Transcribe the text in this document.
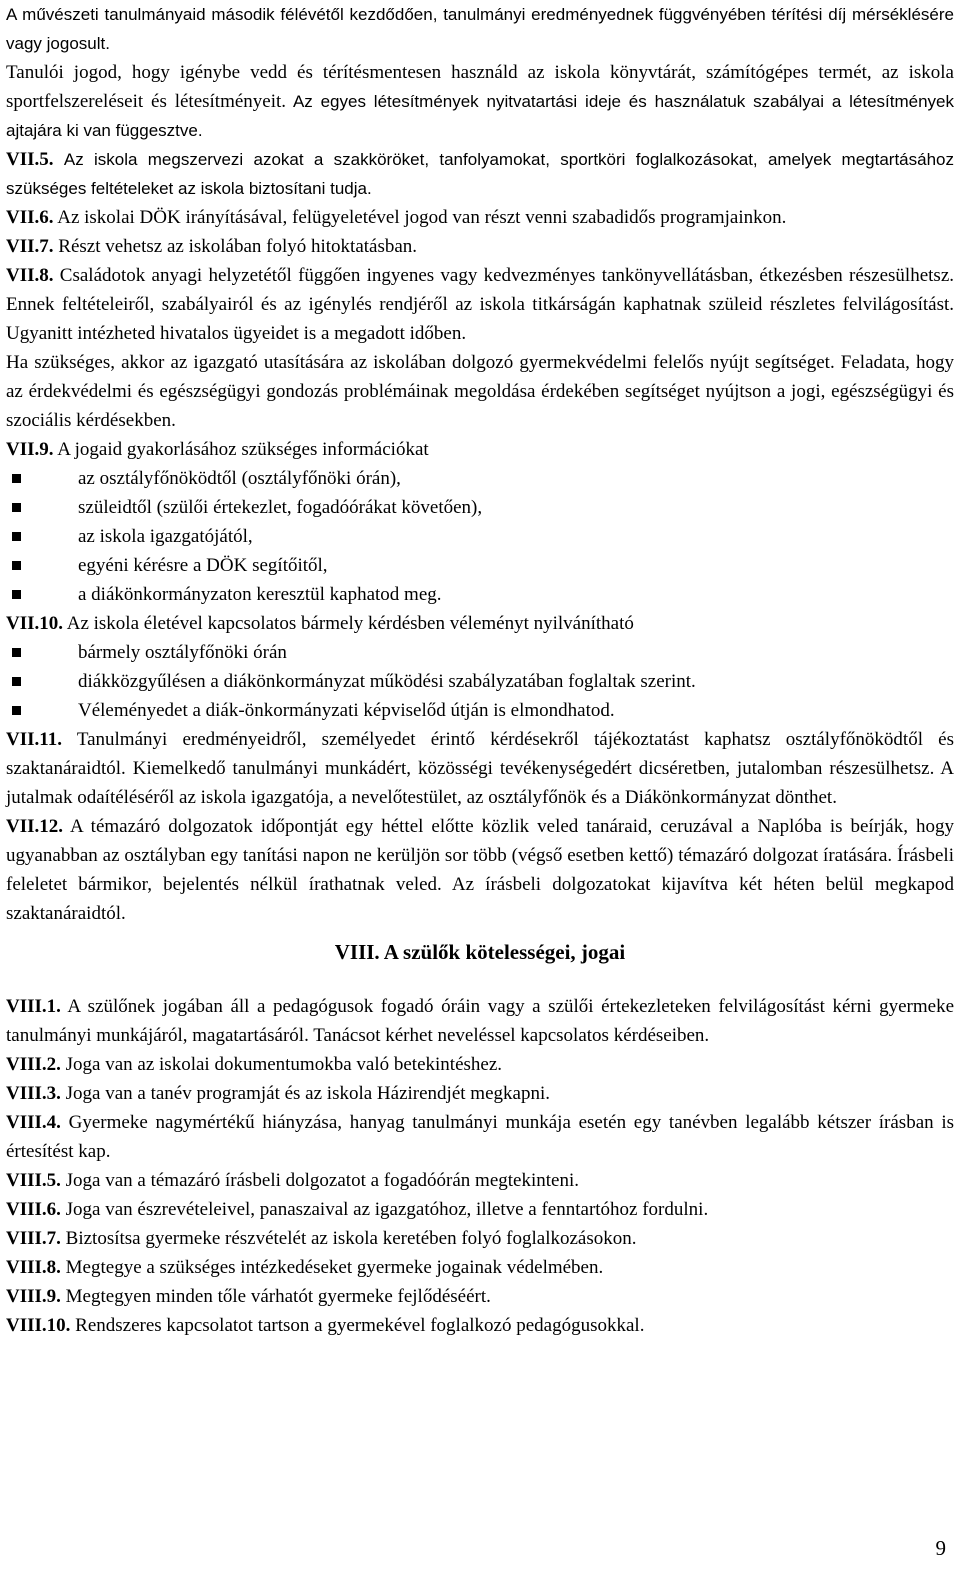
A művészeti tanulmányaid második félévétől kezdődően, tanulmányi eredményednek függvényében térítési díj mérséklésére vagy jogosult.

Tanulói jogod, hogy igénybe vedd és térítésmentesen használd az iskola könyvtárát, számítógépes termét, az iskola sportfelszereléseit és létesítményeit. Az egyes létesítmények nyitvatartási ideje és használatuk szabályai a létesítmények ajtajára ki van függesztve.

VII.5. Az iskola megszervezi azokat a szakköröket, tanfolyamokat, sportköri foglalkozásokat, amelyek megtartásához szükséges feltételeket az iskola biztosítani tudja.

VII.6. Az iskolai DÖK irányításával, felügyeletével jogod van részt venni szabadidős programjainkon.

VII.7. Részt vehetsz az iskolában folyó hitoktatásban.

VII.8. Családotok anyagi helyzetétől függően ingyenes vagy kedvezményes tankönyvellátásban, étkezésben részesülhetsz. Ennek feltételeiről, szabályairól és az igénylés rendjéről az iskola titkárságán kaphatnak szüleid részletes felvilágosítást. Ugyanitt intézheted hivatalos ügyeidet is a megadott időben.

Ha szükséges, akkor az igazgató utasítására az iskolában dolgozó gyermekvédelmi felelős nyújt segítséget. Feladata, hogy az érdekvédelmi és egészségügyi gondozás problémáinak megoldása érdekében segítséget nyújtson a jogi, egészségügyi és szociális kérdésekben.

VII.9. A jogaid gyakorlásához szükséges információkat

az osztályfőnöködtől (osztályfőnöki órán),
szüleidtől (szülői értekezlet, fogadóórákat követően),
az iskola igazgatójától,
egyéni kérésre a DÖK segítőitől,
a diákönkormányzaton keresztül kaphatod meg.

VII.10. Az iskola életével kapcsolatos bármely kérdésben véleményt nyilvánítható

bármely osztályfőnöki órán
diákközgyűlésen a diákönkormányzat működési szabályzatában foglaltak szerint.
Véleményedet a diák-önkormányzati képviselőd útján is elmondhatod.

VII.11. Tanulmányi eredményeidről, személyedet érintő kérdésekről tájékoztatást kaphatsz osztályfőnöködtől és szaktanáraidtól. Kiemelkedő tanulmányi munkádért, közösségi tevékenységedért dicséretben, jutalomban részesülhetsz. A jutalmak odaítéléséről az iskola igazgatója, a nevelőtestület, az osztályfőnök és a Diákönkormányzat dönthet.

VII.12. A témazáró dolgozatok időpontját egy héttel előtte közlik veled tanáraid, ceruzával a Naplóba is beírják, hogy ugyanabban az osztályban egy tanítási napon ne kerüljön sor több (végső esetben kettő) témazáró dolgozat íratására. Írásbeli feleletet bármikor, bejelentés nélkül írathatnak veled. Az írásbeli dolgozatokat kijavítva két héten belül megkapod szaktanáraidtól.

VIII. A szülők kötelességei, jogai

VIII.1. A szülőnek jogában áll a pedagógusok fogadó óráin vagy a szülői értekezleteken felvilágosítást kérni gyermeke tanulmányi munkájáról, magatartásáról. Tanácsot kérhet neveléssel kapcsolatos kérdéseiben.

VIII.2. Joga van az iskolai dokumentumokba való betekintéshez.

VIII.3. Joga van a tanév programját és az iskola Házirendjét megkapni.

VIII.4. Gyermeke nagymértékű hiányzása, hanyag tanulmányi munkája esetén egy tanévben legalább kétszer írásban is értesítést kap.

VIII.5. Joga van a témazáró írásbeli dolgozatot a fogadóórán megtekinteni.

VIII.6. Joga van észrevételeivel, panaszaival az igazgatóhoz, illetve a fenntartóhoz fordulni.

VIII.7. Biztosítsa gyermeke részvételét az iskola keretében folyó foglalkozásokon.

VIII.8. Megtegye a szükséges intézkedéseket gyermeke jogainak védelmében.

VIII.9. Megtegyen minden tőle várhatót gyermeke fejlődéséért.

VIII.10. Rendszeres kapcsolatot tartson a gyermekével foglalkozó pedagógusokkal.

9
